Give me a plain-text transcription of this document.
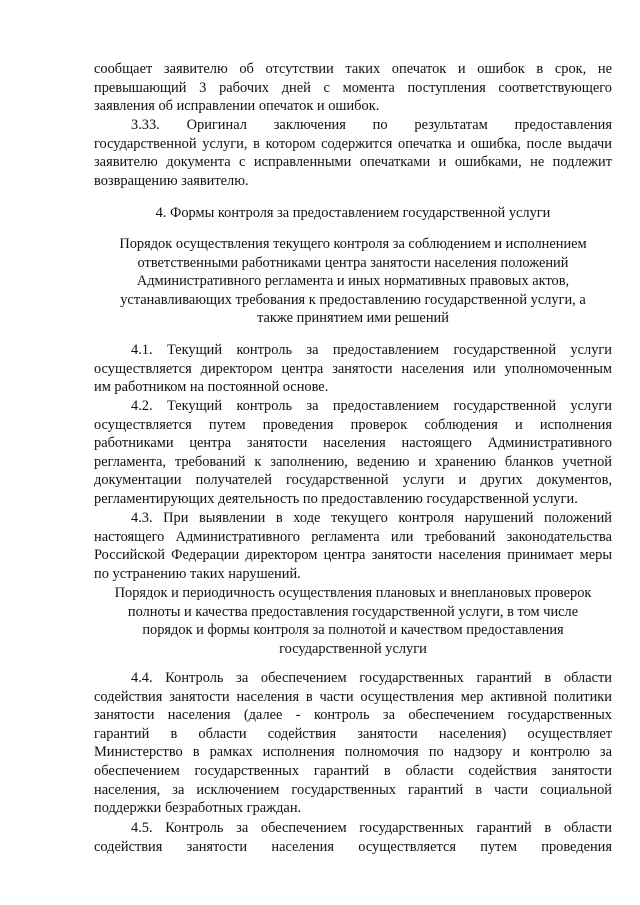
сообщает заявителю об отсутствии таких опечаток и ошибок в срок, не

превышающий 3 рабочих дней с момента поступления соответствующего

заявления об исправлении опечаток и ошибок.

3.33. Оригинал заключения по результатам предоставления

государственной услуги, в котором содержится опечатка и ошибка, после выдачи

заявителю документа с исправленными опечатками и ошибками, не подлежит

возвращению заявителю.

4. Формы контроля за предоставлением государственной услуги

Порядок осуществления текущего контроля за соблюдением и исполнением

ответственными работниками центра занятости населения положений

Административного регламента и иных нормативных правовых актов,

устанавливающих требования к предоставлению государственной услуги, а

также принятием ими решений

4.1. Текущий контроль за предоставлением государственной услуги

осуществляется директором центра занятости населения или уполномоченным

им работником на постоянной основе.

4.2. Текущий контроль за предоставлением государственной услуги

осуществляется путем проведения проверок соблюдения и исполнения

работниками центра занятости населения настоящего Административного

регламента, требований к заполнению, ведению и хранению бланков учетной

документации получателей государственной услуги и других документов,

регламентирующих деятельность по предоставлению государственной услуги.

4.3. При выявлении в ходе текущего контроля нарушений положений

настоящего Административного регламента или требований законодательства

Российской Федерации директором центра занятости населения принимает меры

по устранению таких нарушений.

Порядок и периодичность осуществления плановых и внеплановых проверок

полноты и качества предоставления государственной услуги, в том числе

порядок и формы контроля за полнотой и качеством предоставления

государственной услуги

4.4. Контроль за обеспечением государственных гарантий в области

содействия занятости населения в части осуществления мер активной политики

занятости населения (далее - контроль за обеспечением государственных

гарантий в области содействия занятости населения) осуществляет

Министерство в рамках исполнения полномочия по надзору и контролю за

обеспечением государственных гарантий в области содействия занятости

населения, за исключением государственных гарантий в части социальной

поддержки безработных граждан.

4.5. Контроль за обеспечением государственных гарантий в области

содействия занятости населения осуществляется путем проведения
